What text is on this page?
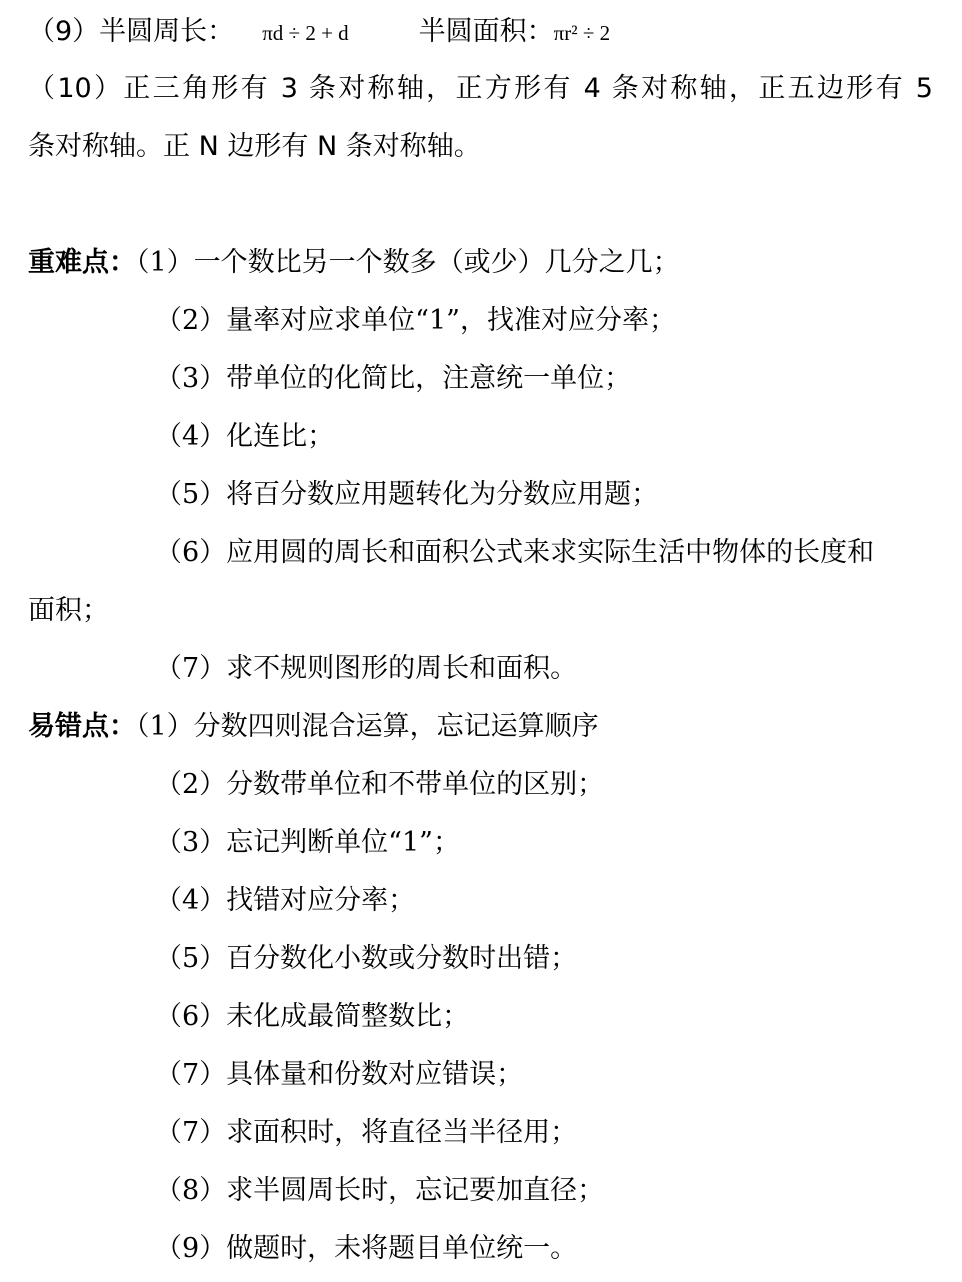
（9）半圆周长： πd ÷ 2 + d	半圆面积：πr² ÷ 2
（10）正三角形有 3 条对称轴，正方形有 4 条对称轴，正五边形有 5
条对称轴。正 N 边形有 N 条对称轴。
重难点：（1）一个数比另一个数多（或少）几分之几；
（2）量率对应求单位“1”，找准对应分率；
（3）带单位的化简比，注意统一单位；
（4）化连比；
（5）将百分数应用题转化为分数应用题；
（6）应用圆的周长和面积公式来求实际生活中物体的长度和
面积；
（7）求不规则图形的周长和面积。
易错点：（1）分数四则混合运算，忘记运算顺序
（2）分数带单位和不带单位的区别；
（3）忘记判断单位“1”；
（4）找错对应分率；
（5）百分数化小数或分数时出错；
（6）未化成最简整数比；
（7）具体量和份数对应错误；
（7）求面积时，将直径当半径用；
（8）求半圆周长时，忘记要加直径；
（9）做题时，未将题目单位统一。
